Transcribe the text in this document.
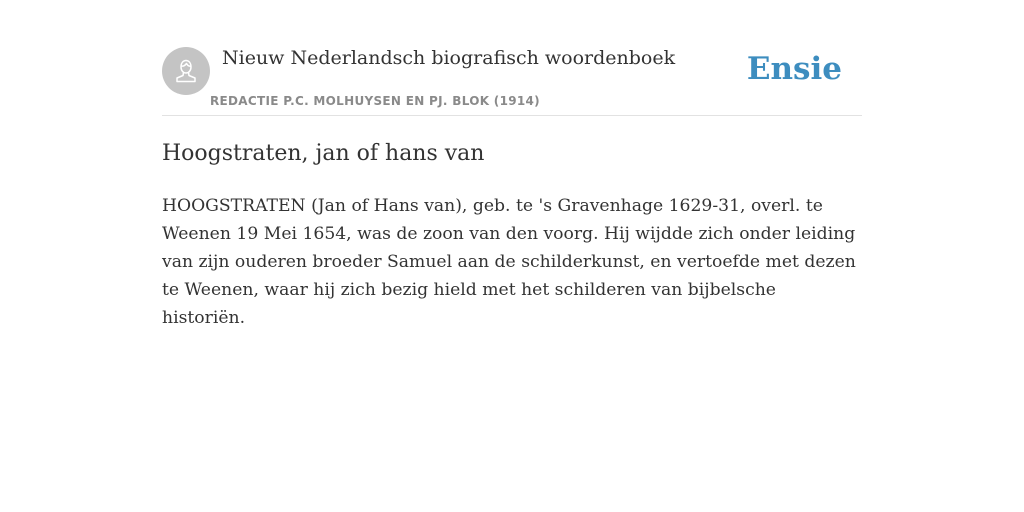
Nieuw Nederlandsch biografisch woordenboek
REDACTIE P.C. MOLHUYSEN EN PJ. BLOK (1914)
Ensie
Hoogstraten, jan of hans van

HOOGSTRATEN (Jan of Hans van), geb. te 's Gravenhage 1629-31, overl. te Weenen 19 Mei 1654, was de zoon van den voorg. Hij wijdde zich onder leiding van zijn ouderen broeder Samuel aan de schilderkunst, en vertoefde met dezen te Weenen, waar hij zich bezig hield met het schilderen van bijbelsche historiën.
